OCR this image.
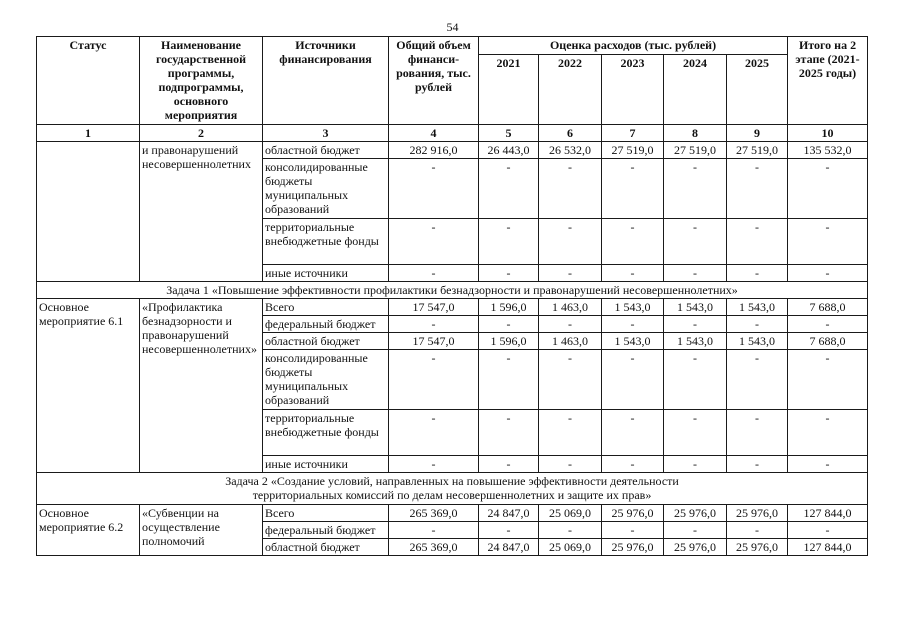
54
Статус	Наименование государственной программы, подпрограммы, основного мероприятия	Источники финансирования	Общий объем финанси-рования, тыс. рублей	Оценка расходов (тыс. рублей)					Итого на 2 этапе (2021-2025 годы)
				2021	2022	2023	2024	2025	
1	2	3	4	5	6	7	8	9	10
	и правонарушений несовершеннолетних	областной бюджет	282 916,0	26 443,0	26 532,0	27 519,0	27 519,0	27 519,0	135 532,0
		консолидированные бюджеты муниципальных образований	-	-	-	-	-	-	-
		территориальные внебюджетные фонды	-	-	-	-	-	-	-
		иные источники	-	-	-	-	-	-	-
Задача 1 «Повышение эффективности профилактики безнадзорности и правонарушений несовершеннолетних»									
Основное мероприятие 6.1	«Профилактика безнадзорности и правонарушений несовершеннолетних»	Всего	17 547,0	1 596,0	1 463,0	1 543,0	1 543,0	1 543,0	7 688,0
		федеральный бюджет	-	-	-	-	-	-	-
		областной бюджет	17 547,0	1 596,0	1 463,0	1 543,0	1 543,0	1 543,0	7 688,0
		консолидированные бюджеты муниципальных образований	-	-	-	-	-	-	-
		территориальные внебюджетные фонды	-	-	-	-	-	-	-
		иные источники	-	-	-	-	-	-	-

Задача 2 «Создание условий, направленных на повышение эффективности деятельности
территориальных комиссий по делам несовершеннолетних и защите их прав»									

Основное мероприятие 6.2	«Субвенции на осуществление полномочий	Всего	265 369,0	24 847,0	25 069,0	25 976,0	25 976,0	25 976,0	127 844,0
		федеральный бюджет	-	-	-	-	-	-	-
		областной бюджет	265 369,0	24 847,0	25 069,0	25 976,0	25 976,0	25 976,0	127 844,0
